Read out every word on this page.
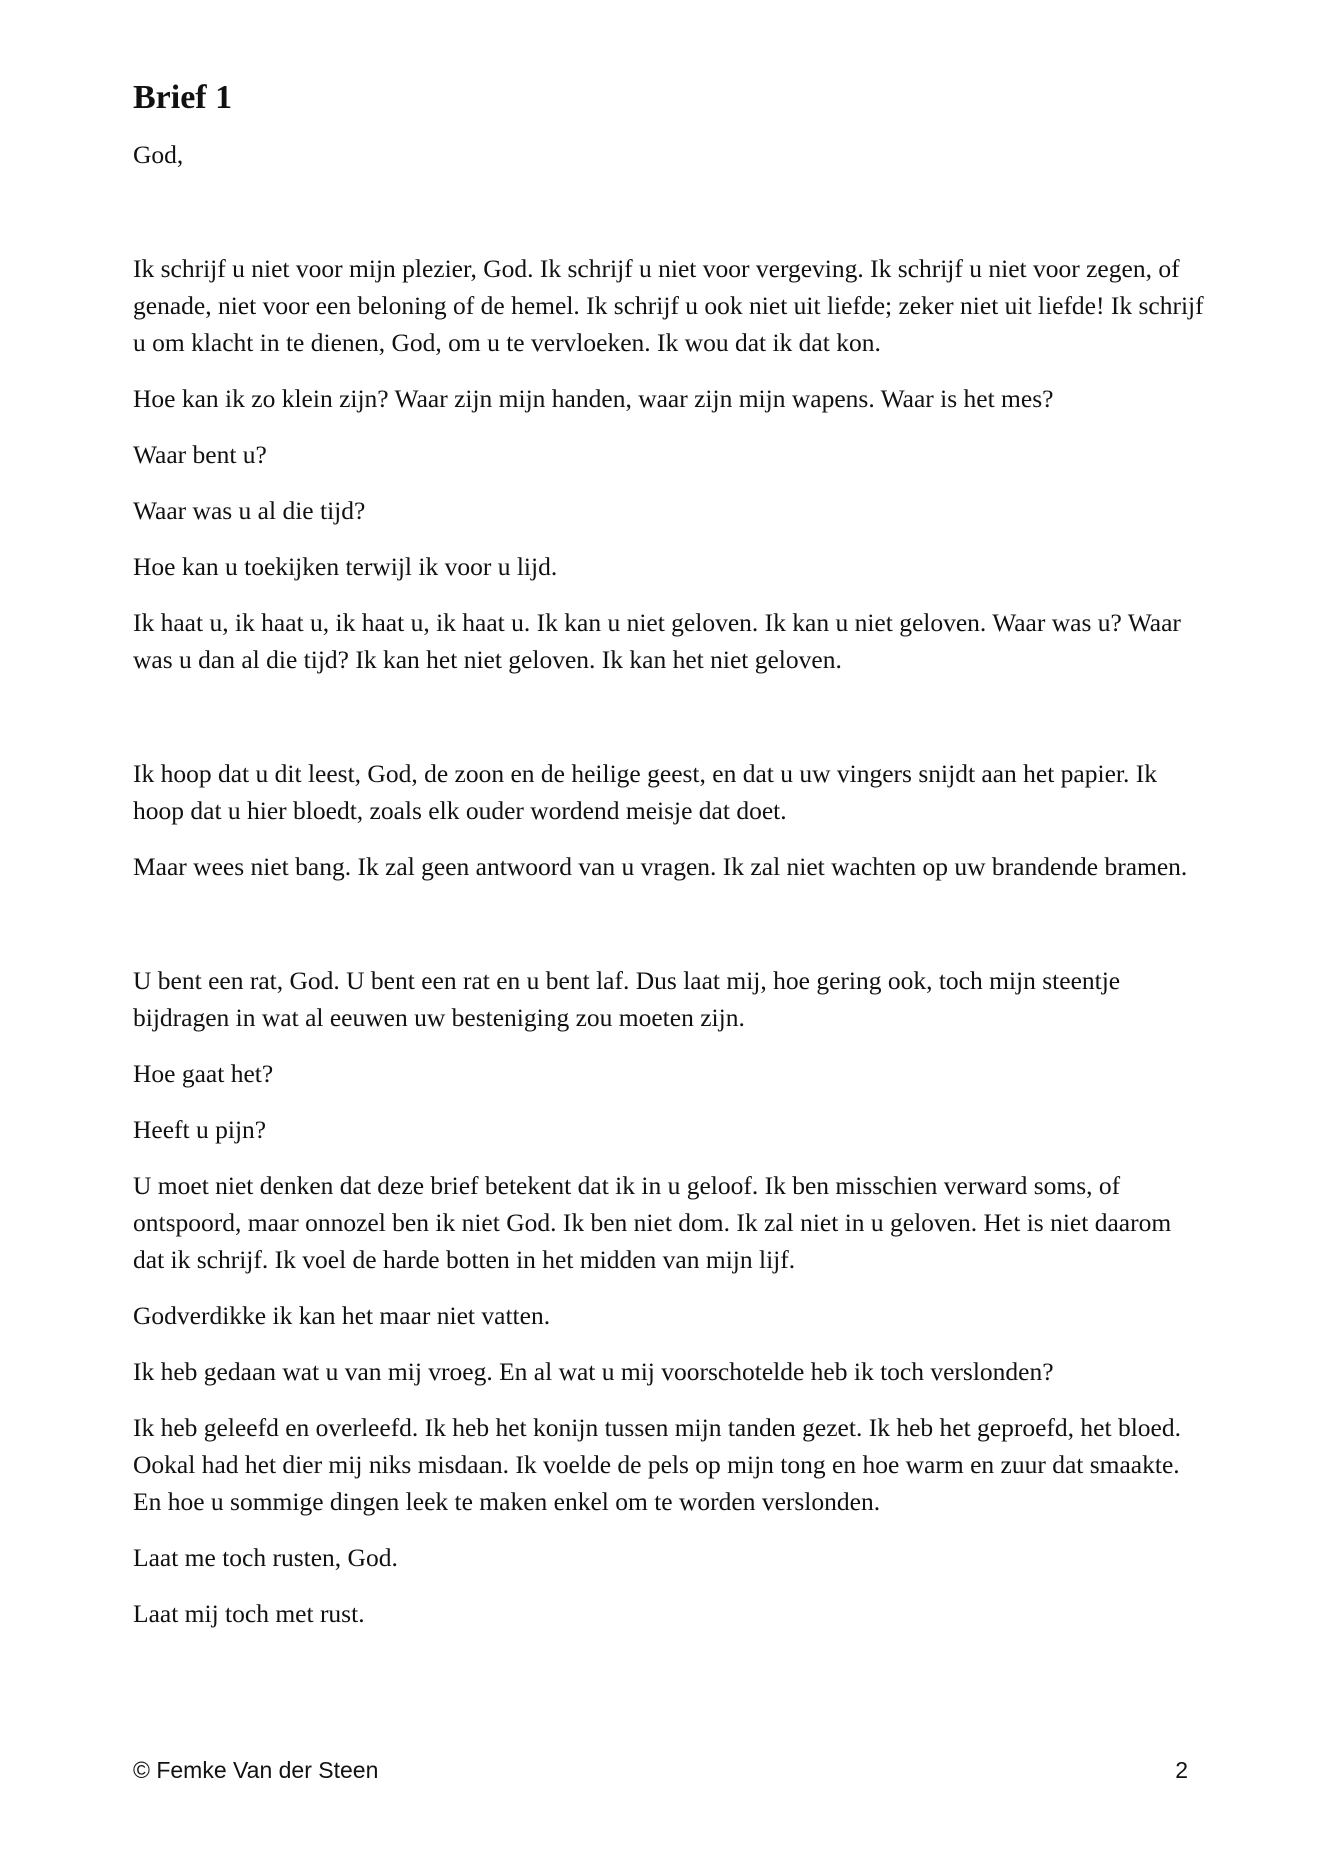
Brief 1

God,

Ik schrijf u niet voor mijn plezier, God. Ik schrijf u niet voor vergeving. Ik schrijf u niet voor zegen, of genade, niet voor een beloning of de hemel. Ik schrijf u ook niet uit liefde; zeker niet uit liefde! Ik schrijf u om klacht in te dienen, God, om u te vervloeken. Ik wou dat ik dat kon.

Hoe kan ik zo klein zijn? Waar zijn mijn handen, waar zijn mijn wapens. Waar is het mes?

Waar bent u?

Waar was u al die tijd?

Hoe kan u toekijken terwijl ik voor u lijd.

Ik haat u, ik haat u, ik haat u, ik haat u. Ik kan u niet geloven. Ik kan u niet geloven. Waar was u? Waar was u dan al die tijd? Ik kan het niet geloven. Ik kan het niet geloven.

Ik hoop dat u dit leest, God, de zoon en de heilige geest, en dat u uw vingers snijdt aan het papier. Ik hoop dat u hier bloedt, zoals elk ouder wordend meisje dat doet.

Maar wees niet bang. Ik zal geen antwoord van u vragen. Ik zal niet wachten op uw brandende bramen.

U bent een rat, God. U bent een rat en u bent laf. Dus laat mij, hoe gering ook, toch mijn steentje bijdragen in wat al eeuwen uw besteniging zou moeten zijn.

Hoe gaat het?

Heeft u pijn?

U moet niet denken dat deze brief betekent dat ik in u geloof. Ik ben misschien verward soms, of ontspoord, maar onnozel ben ik niet God. Ik ben niet dom. Ik zal niet in u geloven. Het is niet daarom dat ik schrijf. Ik voel de harde botten in het midden van mijn lijf.

Godverdikke ik kan het maar niet vatten.

Ik heb gedaan wat u van mij vroeg. En al wat u mij voorschotelde heb ik toch verslonden?

Ik heb geleefd en overleefd. Ik heb het konijn tussen mijn tanden gezet. Ik heb het geproefd, het bloed. Ookal had het dier mij niks misdaan. Ik voelde de pels op mijn tong en hoe warm en zuur dat smaakte. En hoe u sommige dingen leek te maken enkel om te worden verslonden.

Laat me toch rusten, God.

Laat mij toch met rust.

© Femke Van der Steen	2
